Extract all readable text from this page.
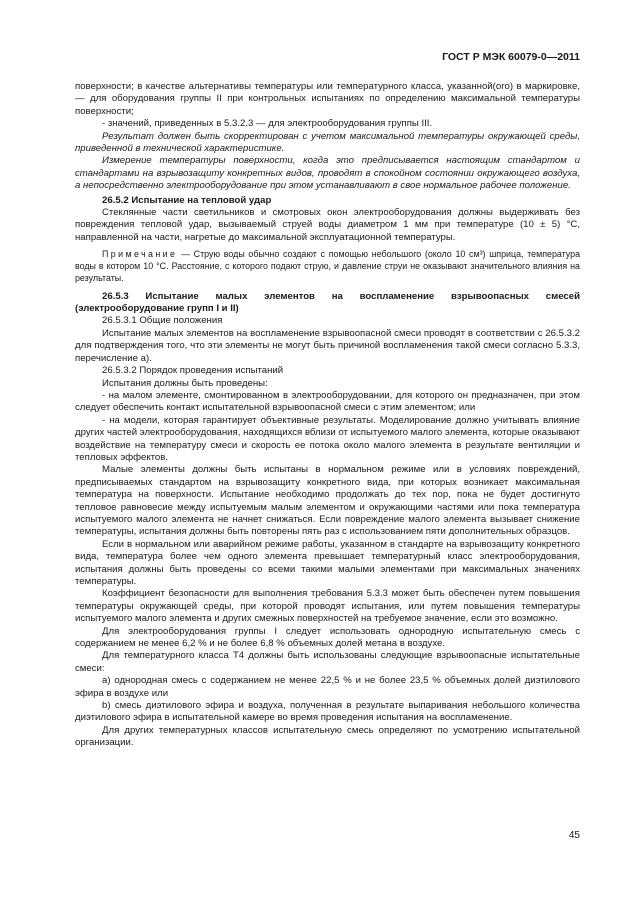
ГОСТ Р МЭК 60079-0—2011

поверхности; в качестве альтернативы температуры или температурного класса, указанной(ого) в маркировке, — для оборудования группы II при контрольных испытаниях по определению максимальной температуры поверхности;

- значений, приведенных в 5.3.2.3 — для электрооборудования группы III.

Результат должен быть скорректирован с учетом максимальной температуры окружающей среды, приведенной в технической характеристике.

Измерение температуры поверхности, когда это предписывается настоящим стандартом и стандартами на взрывозащиту конкретных видов, проводят в спокойном состоянии окружающего воздуха, а непосредственно электрооборудование при этом устанавливают в свое нормальное рабочее положение.

26.5.2 Испытание на тепловой удар

Стеклянные части светильников и смотровых окон электрооборудования должны выдерживать без повреждения тепловой удар, вызываемый струей воды диаметром 1 мм при температуре (10 ± 5) °С, направленной на части, нагретые до максимальной эксплуатационной температуры.

Примечание — Струю воды обычно создают с помощью небольшого (около 10 см³) шприца, температура воды в котором 10 °С. Расстояние, с которого подают струю, и давление струи не оказывают значительного влияния на результаты.

26.5.3 Испытание малых элементов на воспламенение взрывоопасных смесей (электрооборудование групп I и II)

26.5.3.1 Общие положения

Испытание малых элементов на воспламенение взрывоопасной смеси проводят в соответствии с 26.5.3.2 для подтверждения того, что эти элементы не могут быть причиной воспламенения такой смеси согласно 5.3.3, перечисление а).

26.5.3.2 Порядок проведения испытаний

Испытания должны быть проведены:

- на малом элементе, смонтированном в электрооборудовании, для которого он предназначен, при этом следует обеспечить контакт испытательной взрывоопасной смеси с этим элементом; или

- на модели, которая гарантирует объективные результаты. Моделирование должно учитывать влияние других частей электрооборудования, находящихся вблизи от испытуемого малого элемента, которые оказывают воздействие на температуру смеси и скорость ее потока около малого элемента в результате вентиляции и тепловых эффектов.

Малые элементы должны быть испытаны в нормальном режиме или в условиях повреждений, предписываемых стандартом на взрывозащиту конкретного вида, при которых возникает максимальная температура на поверхности. Испытание необходимо продолжать до тех пор, пока не будет достигнуто тепловое равновесие между испытуемым малым элементом и окружающими частями или пока температура испытуемого малого элемента не начнет снижаться. Если повреждение малого элемента вызывает снижение температуры, испытания должны быть повторены пять раз с использованием пяти дополнительных образцов.

Если в нормальном или аварийном режиме работы, указанном в стандарте на взрывозащиту конкретного вида, температура более чем одного элемента превышает температурный класс электрооборудования, испытания должны быть проведены со всеми такими малыми элементами при максимальных значениях температуры.

Коэффициент безопасности для выполнения требования 5.3.3 может быть обеспечен путем повышения температуры окружающей среды, при которой проводят испытания, или путем повышения температуры испытуемого малого элемента и других смежных поверхностей на требуемое значение, если это возможно.

Для электрооборудования группы I следует использовать однородную испытательную смесь с содержанием не менее 6,2 % и не более 6,8 % объемных долей метана в воздухе.

Для температурного класса Т4 должны быть использованы следующие взрывоопасные испытательные смеси:

а) однородная смесь с содержанием не менее 22,5 % и не более 23,5 % объемных долей диэтилового эфира в воздухе или

b) смесь диэтилового эфира и воздуха, полученная в результате выпаривания небольшого количества диэтилового эфира в испытательной камере во время проведения испытания на воспламенение.

Для других температурных классов испытательную смесь определяют по усмотрению испытательной организации.

45
